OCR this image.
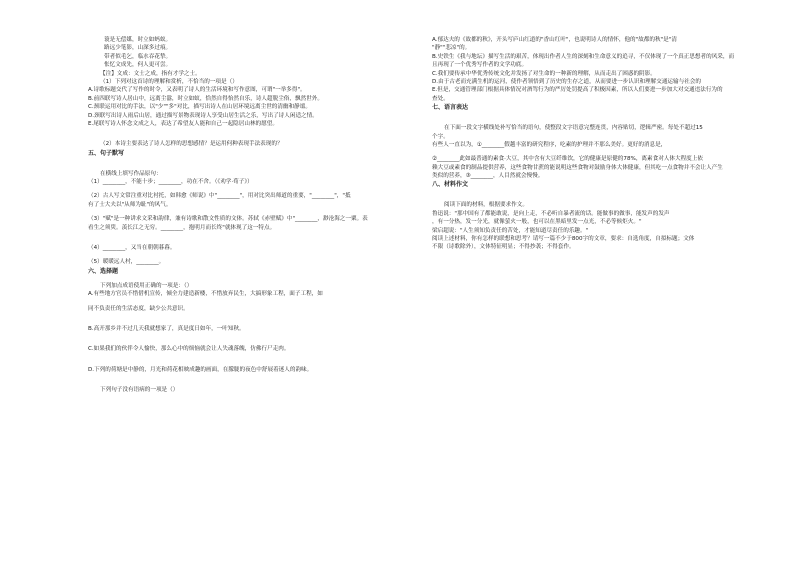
蓑是无偿媒，时立如蚂蚁。

路远少笔影，山深多过痕。

带者似毛乞，临水吞花挚。

怅忆文成先，何人更可尝。

【注】文成：文士之成，指有才学之士。

（1）下列对这首诗的理解和赏析，不恰当的一项是（）

A.诗歌标题交代了写作的时令，又表明了诗人的生活环境和写作意图，可谓"一举多得"。

B.前四联写诗人居山中，远离尘嚣，时立如蚁，恰然自得怡然自乐，诗人超脱尘俗，飘然世外。

C.颈联运用对比的手法，以"少""多"对比，描写出诗人在山居环境远离尘世的清幽和静谧。

D.颈联写出诗人雨后山居，通过描写景物表现诗人享受山居生活之乐，写出了诗人闲适之情。

E.尾联写诗人怀念文成之人，表达了希望友人能和自己一起隐居山林的愿望。

（2）本诗主要表达了诗人怎样的思想感情？是运用何种表现手法表现的？

五、句子默写

在横线上填写作品原句：

（1）________，不能十步；________，功在不舍。（《劝学·荀子》）

（2）古人写文常注重对比衬托，如韩愈《师说》中"________"，用对比突出师道的重要，"________"，"抵

有了士大夫以"从师为耻"的风气。

（3）"赋"是一种讲求文采和韵律，兼有诗歌和散文性质的文体。苏轼《赤壁赋》中"________，渺沧海之一粟。表

看生之须臾。羡长江之无穷。________，抱明月而长终"就体现了这一特点。

（4）________，又当在朝朝暮暮。

（5）暖暖远人村，________。

六、选择题

下列加点成语使用正确的一项是：（）

A.有些地方官员不惜借机宣传，倾全力建造新楼，不惜放弃民生，大搞形象工程，面子工程，如

同不负责任的生活态度，缺少公共意识。

B.高开那乡并不过几天我就想家了，真是度日如年，一叶知秋。

C.如果我们的伙伴令人愉快，那么心中的烦恼就会让人失魂落魄，仿佛行尸走肉。

D.下列的荷塘是中静的，月光和荷花相映成趣的画面，在朦胧的夜色中舒展着迷人的韵味。

下列句子没有语病的一项是（）

A.郁达夫的《故都的秋》，开头写庐山红道的"香山红叶"，也说明诗人的情怀，他的"故都的秋"是"清

"静""悲凉"的。

B.史铁生《我与地坛》描写生活的艰苦，体现出作者人生的深刻和生命意义的追寻，不仅体现了一个真正思想者的风采，而

且再现了一个优秀写作者的文学功底。

C.我们要传承中华优秀传统文化并发扬了对生命的一种新的理解，从而走出了困惑的阴影。

D.由于古老而充满生机的运河，使作者领悟到了历史的生存之道，从而要进一步认识和理解交通运输与社会的

E.但是，交通管理部门根据具体情况对酒驾行为的严厉处罚提高了积极因素，所以人们要进一步加大对交通违法行为的

查处。

七、语言表达

在下面一段文字横线处补写恰当的语句，使整段文字语意完整连贯，内容贴切，逻辑严密。每处不超过15

个字。

有些人一直以为，①________假越丰富的研究程序，吃素的护理并不那么美好。更好的消息是，

②________此如最普通的素食·大豆，其中含有大豆纤维饮，它的健康是原健的78%，离素食对人体大程度上依

赖大豆或素食的制品提供营养，这些食物甘蔗的能说明这些食物对鼓励身体大体健康，但其吃一点食物并不会让人产生

类似的营养，③________，人目然就会慢慢。

八、材料作文

阅读下面的材料，根据要求作文。

鲁迅说："那中国有了都能敢说，是向上走，不必听自暴者流的话。能做事的做事，能发声的发声

，有一分热，发一分光，就像萤火一般，也可以在黑暗里发一点光，不必等候炬火。"

梁启超说："人生须知负责任的苦处，才能知道尽责任的乐趣。"

阅读上述材料，你有怎样的联想和思考？请写一篇不少于800字的文章，要求：自选角度，自拟标题；文体

不限（诗歌除外），文体特征明显；不得抄袭；不得套作。
